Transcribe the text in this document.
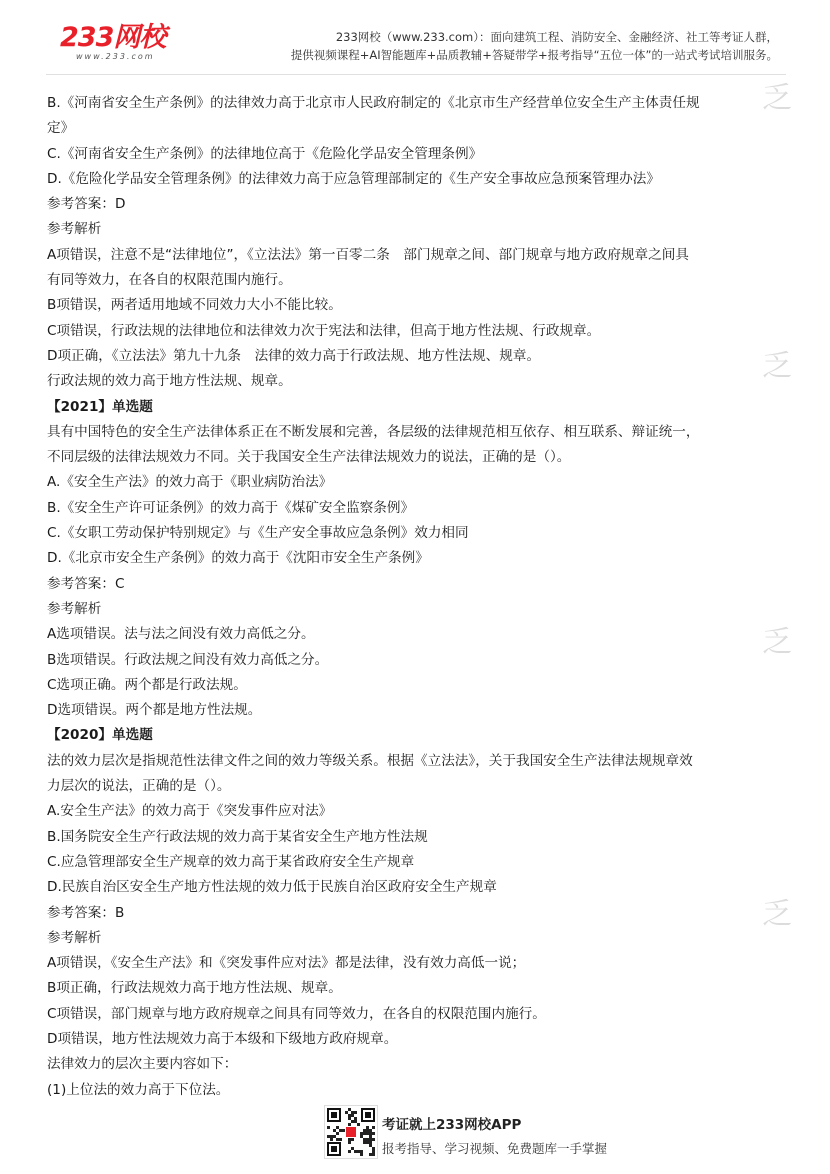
233网校
www.233.com
233网校（www.233.com）：面向建筑工程、消防安全、金融经济、社工等考证人群，
提供视频课程+AI智能题库+品质教辅+答疑带学+报考指导“五位一体”的一站式考试培训服务。
乏
乏
乏
乏

B.《河南省安全生产条例》的法律效力高于北京市人民政府制定的《北京市生产经营单位安全生产主体责任规

定》

C.《河南省安全生产条例》的法律地位高于《危险化学品安全管理条例》

D.《危险化学品安全管理条例》的法律效力高于应急管理部制定的《生产安全事故应急预案管理办法》

参考答案：D

参考解析

A项错误，注意不是“法律地位”，《立法法》第一百零二条　部门规章之间、部门规章与地方政府规章之间具

有同等效力，在各自的权限范围内施行。

B项错误，两者适用地域不同效力大小不能比较。

C项错误，行政法规的法律地位和法律效力次于宪法和法律，但高于地方性法规、行政规章。

D项正确，《立法法》第九十九条　法律的效力高于行政法规、地方性法规、规章。

行政法规的效力高于地方性法规、规章。

【2021】单选题

具有中国特色的安全生产法律体系正在不断发展和完善，各层级的法律规范相互依存、相互联系、辩证统一，

不同层级的法律法规效力不同。关于我国安全生产法律法规效力的说法，正确的是（）。

A.《安全生产法》的效力高于《职业病防治法》

B.《安全生产许可证条例》的效力高于《煤矿安全监察条例》

C.《女职工劳动保护特别规定》与《生产安全事故应急条例》效力相同

D.《北京市安全生产条例》的效力高于《沈阳市安全生产条例》

参考答案：C

参考解析

A选项错误。法与法之间没有效力高低之分。

B选项错误。行政法规之间没有效力高低之分。

C选项正确。两个都是行政法规。

D选项错误。两个都是地方性法规。

【2020】单选题

法的效力层次是指规范性法律文件之间的效力等级关系。根据《立法法》，关于我国安全生产法律法规规章效

力层次的说法，正确的是（）。

A.安全生产法》的效力高于《突发事件应对法》

B.国务院安全生产行政法规的效力高于某省安全生产地方性法规

C.应急管理部安全生产规章的效力高于某省政府安全生产规章

D.民族自治区安全生产地方性法规的效力低于民族自治区政府安全生产规章

参考答案：B

参考解析

A项错误，《安全生产法》和《突发事件应对法》都是法律，没有效力高低一说；

B项正确，行政法规效力高于地方性法规、规章。

C项错误，部门规章与地方政府规章之间具有同等效力，在各自的权限范围内施行。

D项错误，地方性法规效力高于本级和下级地方政府规章。

法律效力的层次主要内容如下：

(1)上位法的效力高于下位法。

考证就上233网校APP
报考指导、学习视频、免费题库一手掌握
